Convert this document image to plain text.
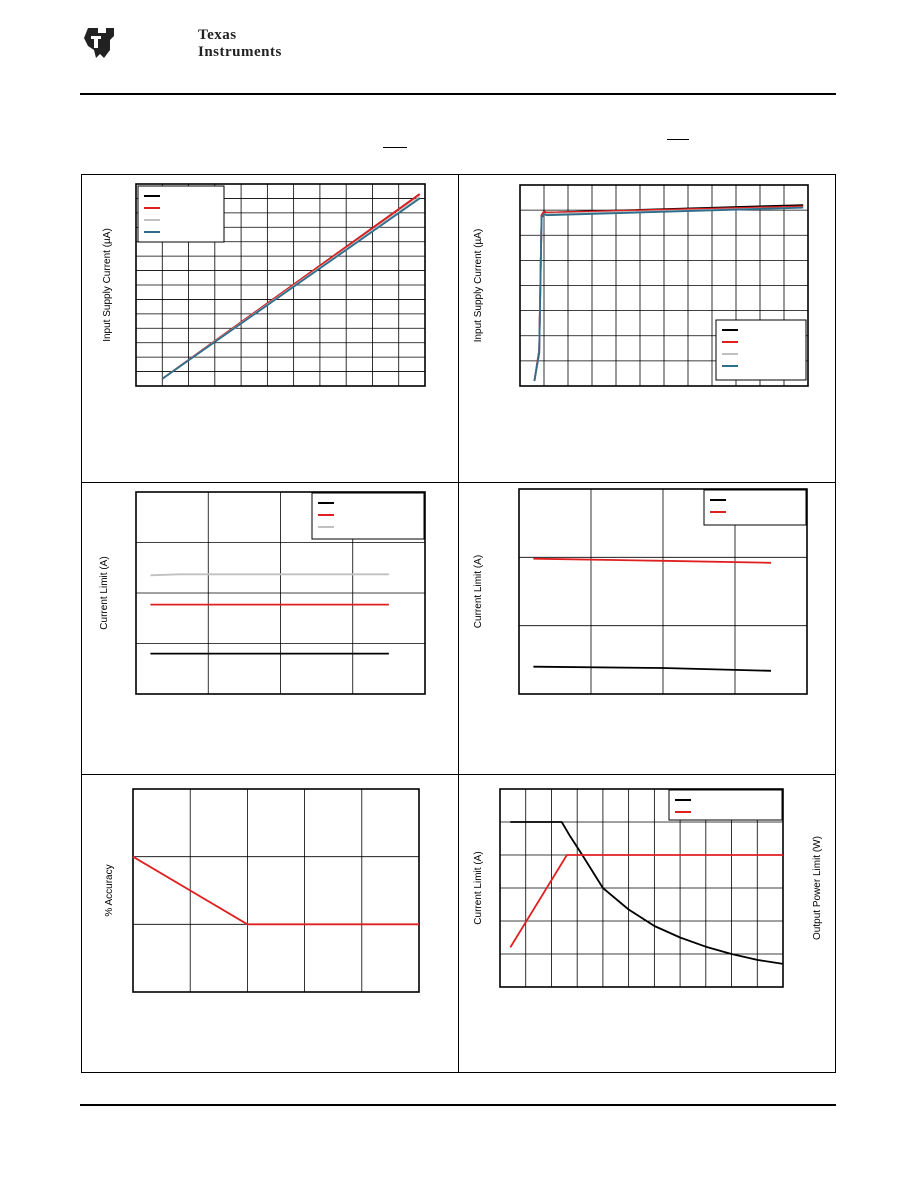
Texas
Instruments
Input Supply Current (µA)	Input Supply Current (µA)
Current Limit (A)	Current Limit (A)
% Accuracy	Current Limit (A)	Output Power Limit (W)
